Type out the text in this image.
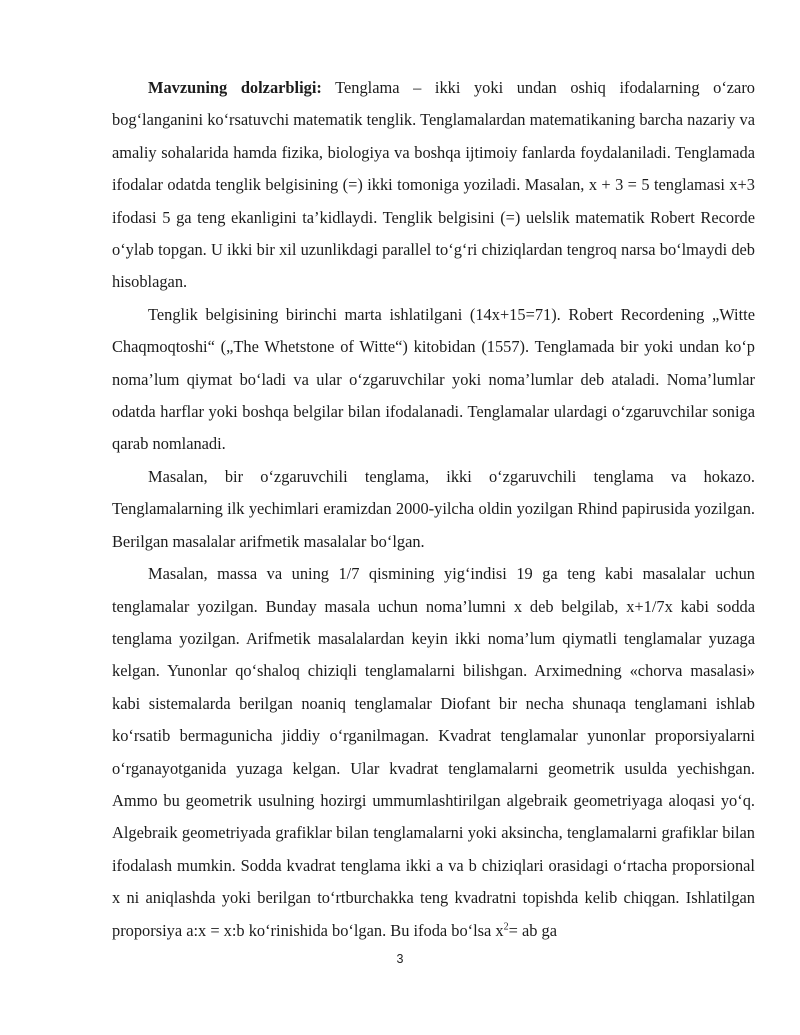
Mavzuning dolzarbligi: Tenglama – ikki yoki undan oshiq ifodalarning o‘zaro bog‘langanini ko‘rsatuvchi matematik tenglik. Tenglamalardan matematikaning barcha nazariy va amaliy sohalarida hamda fizika, biologiya va boshqa ijtimoiy fanlarda foydalaniladi. Tenglamada ifodalar odatda tenglik belgisining (=) ikki tomoniga yoziladi. Masalan, x + 3 = 5 tenglamasi x+3 ifodasi 5 ga teng ekanligini ta’kidlaydi. Tenglik belgisini (=) uelslik matematik Robert Recorde o‘ylab topgan. U ikki bir xil uzunlikdagi parallel to‘g‘ri chiziqlardan tengroq narsa bo‘lmaydi deb hisoblagan.

Tenglik belgisining birinchi marta ishlatilgani (14x+15=71). Robert Recordening „Witte Chaqmoqtoshi“ („The Whetstone of Witte“) kitobidan (1557). Tenglamada bir yoki undan ko‘p noma’lum qiymat bo‘ladi va ular o‘zgaruvchilar yoki noma’lumlar deb ataladi. Noma’lumlar odatda harflar yoki boshqa belgilar bilan ifodalanadi. Tenglamalar ulardagi o‘zgaruvchilar soniga qarab nomlanadi.

Masalan, bir o‘zgaruvchili tenglama, ikki o‘zgaruvchili tenglama va hokazo. Tenglamalarning ilk yechimlari eramizdan 2000-yilcha oldin yozilgan Rhind papirusida yozilgan. Berilgan masalalar arifmetik masalalar bo‘lgan.

Masalan, massa va uning 1/7 qismining yig‘indisi 19 ga teng kabi masalalar uchun tenglamalar yozilgan. Bunday masala uchun noma’lumni x deb belgilab, x+1/7x kabi sodda tenglama yozilgan. Arifmetik masalalardan keyin ikki noma’lum qiymatli tenglamalar yuzaga kelgan. Yunonlar qo‘shaloq chiziqli tenglamalarni bilishgan. Arximedning «chorva masalasi» kabi sistemalarda berilgan noaniq tenglamalar Diofant bir necha shunaqa tenglamani ishlab ko‘rsatib bermagunicha jiddiy o‘rganilmagan. Kvadrat tenglamalar yunonlar proporsiyalarni o‘rganayotganida yuzaga kelgan. Ular kvadrat tenglamalarni geometrik usulda yechishgan. Ammo bu geometrik usulning hozirgi ummumlashtirilgan algebraik geometriyaga aloqasi yo‘q. Algebraik geometriyada grafiklar bilan tenglamalarni yoki aksincha, tenglamalarni grafiklar bilan ifodalash mumkin. Sodda kvadrat tenglama ikki a va b chiziqlari orasidagi o‘rtacha proporsional x ni aniqlashda yoki berilgan to‘rtburchakka teng kvadratni topishda kelib chiqgan. Ishlatilgan proporsiya a:x = x:b ko‘rinishida bo‘lgan. Bu ifoda bo‘lsa $x^2=$ ab ga

3
